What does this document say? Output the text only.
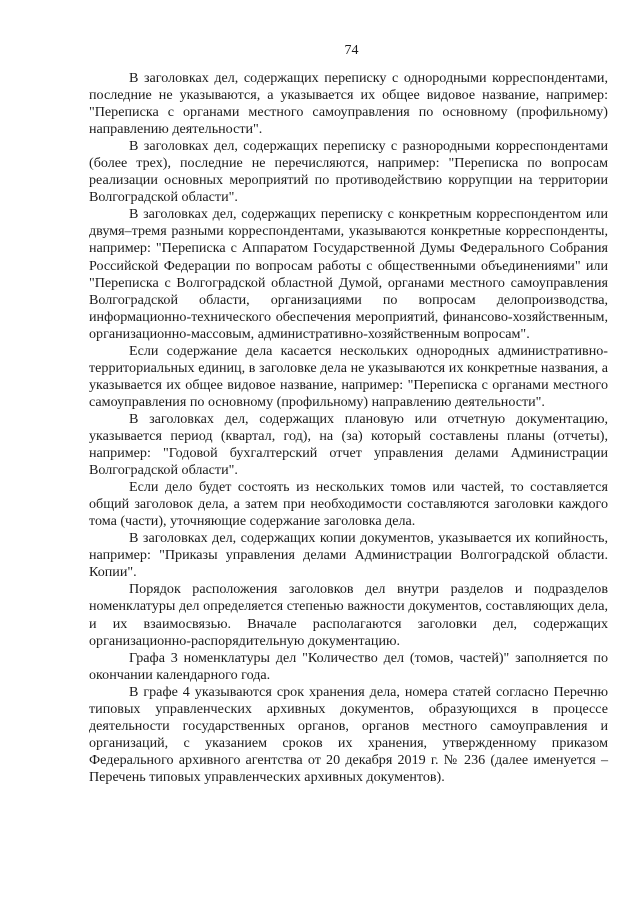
74

В заголовках дел, содержащих переписку с однородными корреспондентами, последние не указываются, а указывается их общее видовое название, например: "Переписка с органами местного самоуправления по основному (профильному) направлению деятельности".

В заголовках дел, содержащих переписку с разнородными корреспондентами (более трех), последние не перечисляются, например: "Переписка по вопросам реализации основных мероприятий по противодействию коррупции на территории Волгоградской области".

В заголовках дел, содержащих переписку с конкретным корреспондентом или двумя–тремя разными корреспондентами, указываются конкретные корреспонденты, например: "Переписка с Аппаратом Государственной Думы Федерального Собрания Российской Федерации по вопросам работы с общественными объединениями" или "Переписка с Волгоградской областной Думой, органами местного самоуправления Волгоградской области, организациями по вопросам делопроизводства, информационно-технического обеспечения мероприятий, финансово-хозяйственным, организационно-массовым, административно-хозяйственным вопросам".

Если содержание дела касается нескольких однородных административно-территориальных единиц, в заголовке дела не указываются их конкретные названия, а указывается их общее видовое название, например: "Переписка с органами местного самоуправления по основному (профильному) направлению деятельности".

В заголовках дел, содержащих плановую или отчетную документацию, указывается период (квартал, год), на (за) который составлены планы (отчеты), например: "Годовой бухгалтерский отчет управления делами Администрации Волгоградской области".

Если дело будет состоять из нескольких томов или частей, то составляется общий заголовок дела, а затем при необходимости составляются заголовки каждого тома (части), уточняющие содержание заголовка дела.

В заголовках дел, содержащих копии документов, указывается их копийность, например: "Приказы управления делами Администрации Волгоградской области. Копии".

Порядок расположения заголовков дел внутри разделов и подразделов номенклатуры дел определяется степенью важности документов, составляющих дела, и их взаимосвязью. Вначале располагаются заголовки дел, содержащих организационно-распорядительную документацию.

Графа 3 номенклатуры дел "Количество дел (томов, частей)" заполняется по окончании календарного года.

В графе 4 указываются срок хранения дела, номера статей согласно Перечню типовых управленческих архивных документов, образующихся в процессе деятельности государственных органов, органов местного самоуправления и организаций, с указанием сроков их хранения, утвержденному приказом Федерального архивного агентства от 20 декабря 2019 г. № 236 (далее именуется – Перечень типовых управленческих архивных документов).
